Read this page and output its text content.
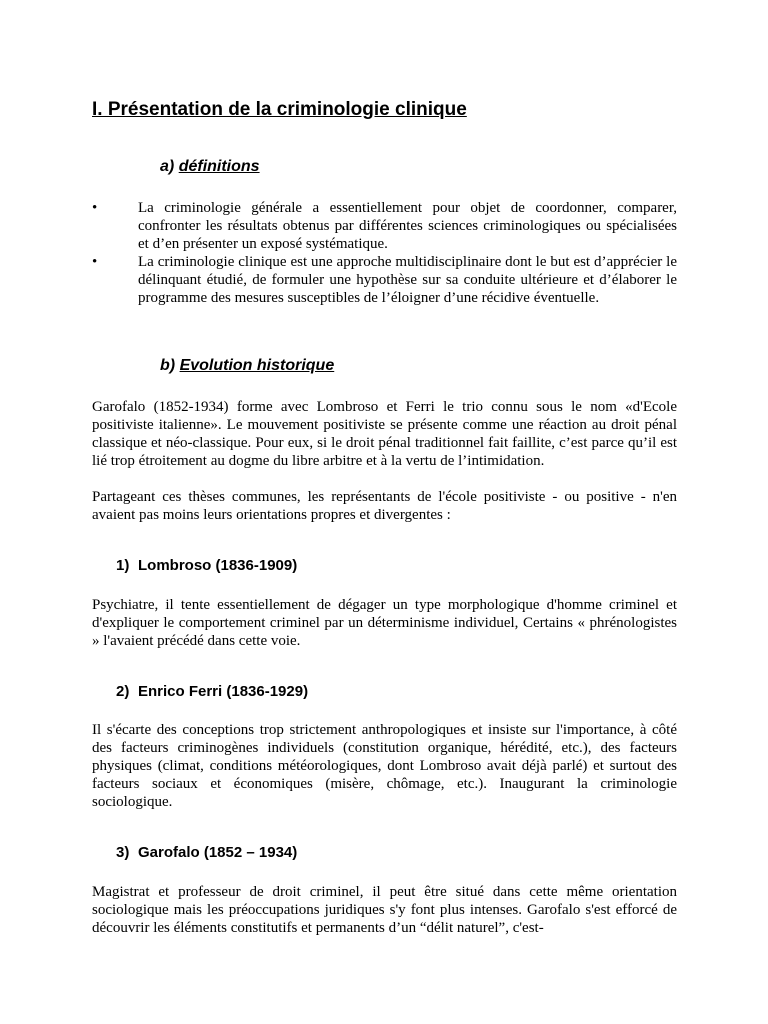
I. Présentation de la criminologie clinique
a) définitions
•	La criminologie générale a essentiellement pour objet de coordonner, comparer, confronter les résultats obtenus par différentes sciences criminologiques ou spécialisées et d’en présenter un exposé systématique.
•	La criminologie clinique est une approche multidisciplinaire dont le but est d’apprécier le délinquant étudié, de formuler une hypothèse sur sa conduite ultérieure et d’élaborer le programme des mesures susceptibles de l’éloigner d’une récidive éventuelle.
b) Evolution historique
Garofalo (1852-1934) forme avec Lombroso et Ferri le trio connu sous le nom «d'Ecole positiviste italienne». Le mouvement positiviste se présente comme une réaction au droit pénal classique et néo-classique. Pour eux, si le droit pénal traditionnel fait faillite, c’est parce qu’il est lié trop étroitement au dogme du libre arbitre et à la vertu de l’intimidation.
Partageant ces thèses communes, les représentants de l'école positiviste - ou positive - n'en avaient pas moins leurs orientations propres et divergentes :
1) Lombroso (1836-1909)
Psychiatre, il tente essentiellement de dégager un type morphologique d'homme criminel et d'expliquer le comportement criminel par un déterminisme individuel, Certains « phrénologistes » l'avaient précédé dans cette voie.
2) Enrico Ferri (1836-1929)
Il s'écarte des conceptions trop strictement anthropologiques et insiste sur l'importance, à côté des facteurs criminogènes individuels (constitution organique, hérédité, etc.), des facteurs physiques (climat, conditions météorologiques, dont Lombroso avait déjà parlé) et surtout des facteurs sociaux et économiques (misère, chômage, etc.). Inaugurant la criminologie sociologique.
3) Garofalo (1852 – 1934)
Magistrat et professeur de droit criminel, il peut être situé dans cette même orientation sociologique mais les préoccupations juridiques s'y font plus intenses. Garofalo s'est efforcé de découvrir les éléments constitutifs et permanents d’un “délit naturel”, c'est-
